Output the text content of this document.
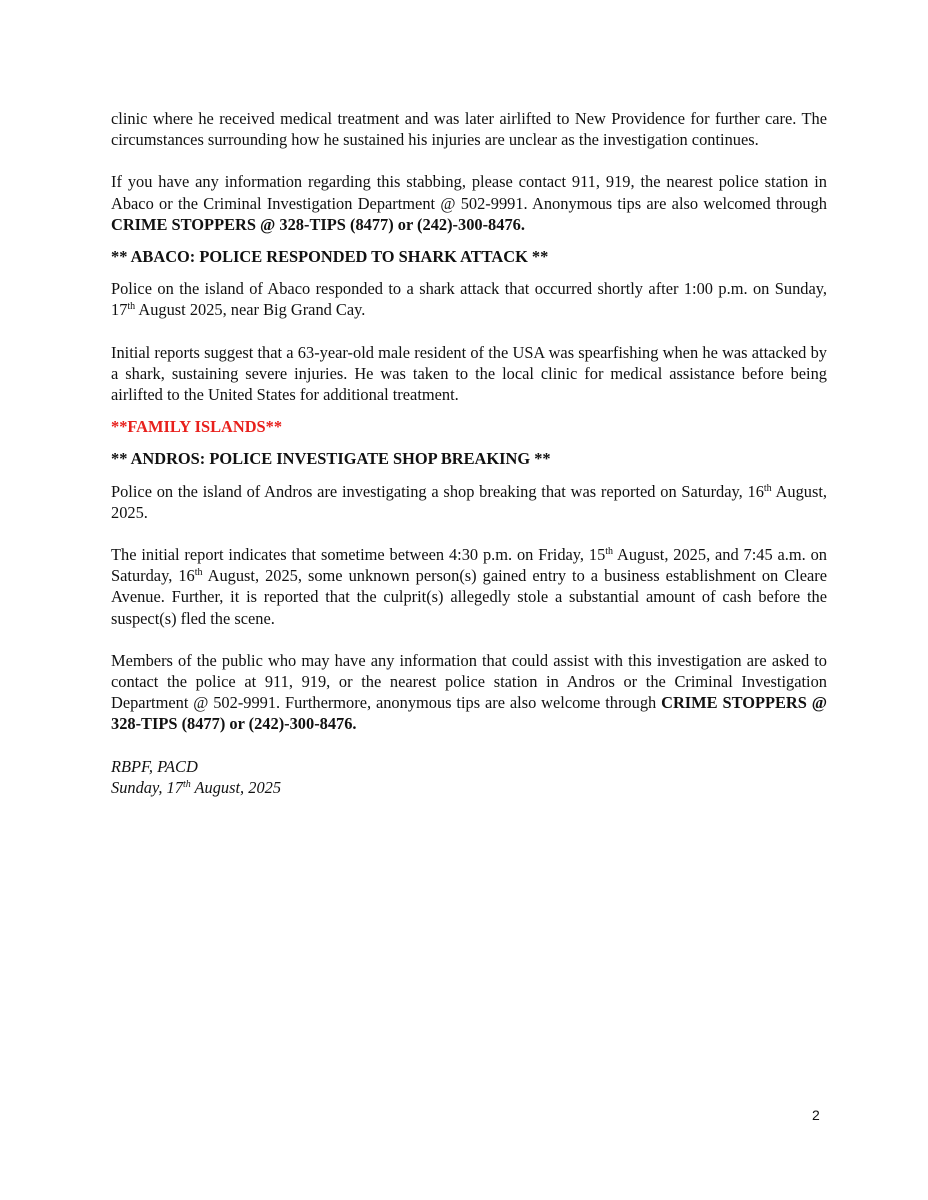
clinic where he received medical treatment and was later airlifted to New Providence for further care. The circumstances surrounding how he sustained his injuries are unclear as the investigation continues.

If you have any information regarding this stabbing, please contact 911, 919, the nearest police station in Abaco or the Criminal Investigation Department @ 502-9991. Anonymous tips are also welcomed through CRIME STOPPERS @ 328-TIPS (8477) or (242)-300-8476.

** ABACO: POLICE RESPONDED TO SHARK ATTACK **

Police on the island of Abaco responded to a shark attack that occurred shortly after 1:00 p.m. on Sunday, 17th August 2025, near Big Grand Cay.

Initial reports suggest that a 63-year-old male resident of the USA was spearfishing when he was attacked by a shark, sustaining severe injuries. He was taken to the local clinic for medical assistance before being airlifted to the United States for additional treatment.

**FAMILY ISLANDS**

** ANDROS: POLICE INVESTIGATE SHOP BREAKING **

Police on the island of Andros are investigating a shop breaking that was reported on Saturday, 16th August, 2025.

The initial report indicates that sometime between 4:30 p.m. on Friday, 15th August, 2025, and 7:45 a.m. on Saturday, 16th August, 2025, some unknown person(s) gained entry to a business establishment on Cleare Avenue. Further, it is reported that the culprit(s) allegedly stole a substantial amount of cash before the suspect(s) fled the scene.

Members of the public who may have any information that could assist with this investigation are asked to contact the police at 911, 919, or the nearest police station in Andros or the Criminal Investigation Department @ 502-9991. Furthermore, anonymous tips are also welcome through CRIME STOPPERS @ 328-TIPS (8477) or (242)-300-8476.

RBPF, PACD

Sunday, 17th August, 2025

2
